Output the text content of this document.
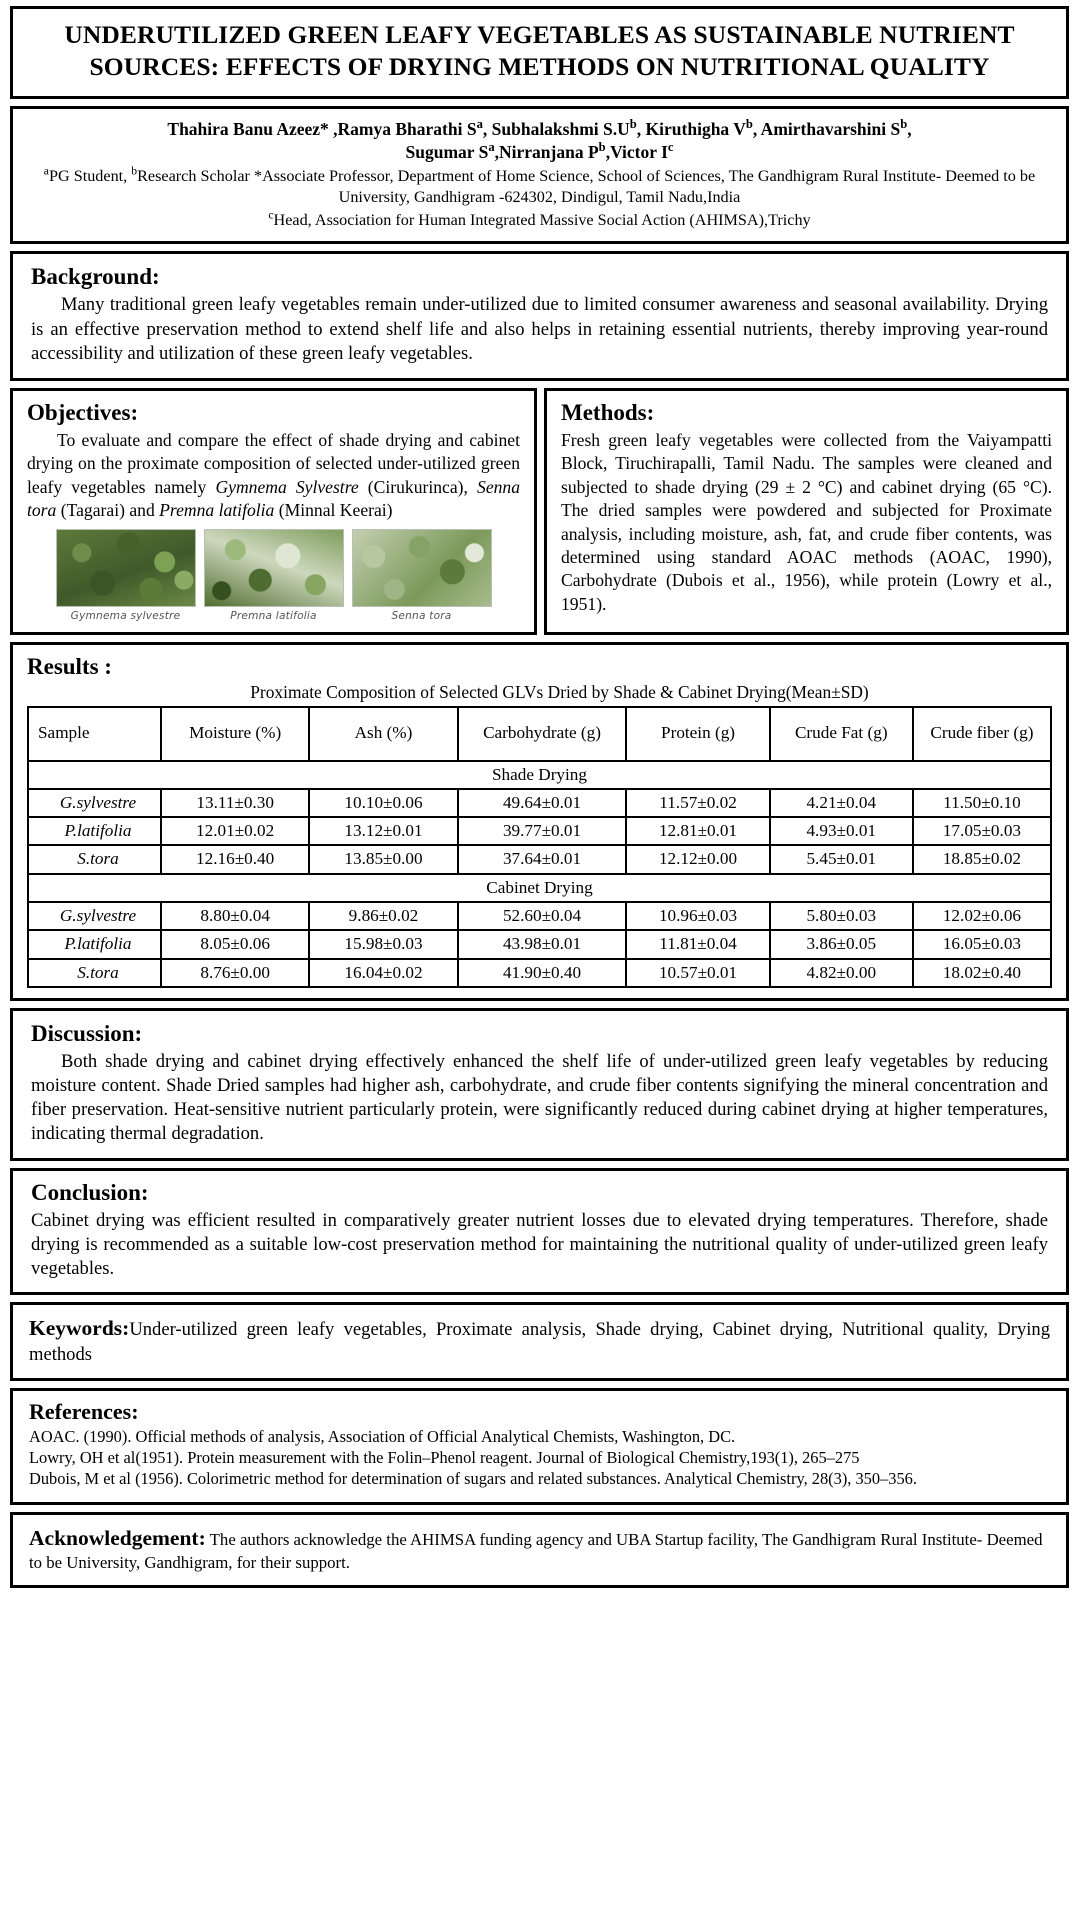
UNDERUTILIZED GREEN LEAFY VEGETABLES AS SUSTAINABLE NUTRIENT SOURCES: EFFECTS OF DRYING METHODS ON NUTRITIONAL QUALITY
Thahira Banu Azeez* ,Ramya Bharathi $S^a$, Subhalakshmi $S.U^b$, Kiruthigha $V^b$, Amirthavarshini $S^b$,
Sugumar $S^a,Nirranjana$ $P^b,Victor$ $I^c$
$^a$PG Student, $^b$Research Scholar *Associate Professor, Department of Home Science, School of Sciences, The Gandhigram Rural Institute- Deemed to be University, Gandhigram -624302, Dindigul, Tamil Nadu,India
$^c$Head, Association for Human Integrated Massive Social Action (AHIMSA),Trichy
Background:
Many traditional green leafy vegetables remain under-utilized due to limited consumer awareness and seasonal availability. Drying is an effective preservation method to extend shelf life and also helps in retaining essential nutrients, thereby improving year-round accessibility and utilization of these green leafy vegetables.
Objectives:
To evaluate and compare the effect of shade drying and cabinet drying on the proximate composition of selected under-utilized green leafy vegetables namely Gymnema Sylvestre (Cirukurinca), Senna tora (Tagarai) and Premna latifolia (Minnal Keerai)
Gymnema sylvestre	Premna latifolia	Senna tora
Methods:
Fresh green leafy vegetables were collected from the Vaiyampatti Block, Tiruchirapalli, Tamil Nadu. The samples were cleaned and subjected to shade drying (29 ± 2 °C) and cabinet drying (65 °C). The dried samples were powdered and subjected for Proximate analysis, including moisture, ash, fat, and crude fiber contents, was determined using standard AOAC methods (AOAC, 1990), Carbohydrate (Dubois et al., 1956), while protein (Lowry et al., 1951).
Results :
Proximate Composition of Selected GLVs Dried by Shade & Cabinet Drying(Mean±SD)
Sample	Moisture (%)	Ash (%)	Carbohydrate (g)	Protein (g)	Crude Fat (g)	Crude fiber (g)
Shade Drying						
G.sylvestre	13.11±0.30	10.10±0.06	49.64±0.01	11.57±0.02	4.21±0.04	11.50±0.10
P.latifolia	12.01±0.02	13.12±0.01	39.77±0.01	12.81±0.01	4.93±0.01	17.05±0.03
S.tora	12.16±0.40	13.85±0.00	37.64±0.01	12.12±0.00	5.45±0.01	18.85±0.02
Cabinet Drying						
G.sylvestre	8.80±0.04	9.86±0.02	52.60±0.04	10.96±0.03	5.80±0.03	12.02±0.06
P.latifolia	8.05±0.06	15.98±0.03	43.98±0.01	11.81±0.04	3.86±0.05	16.05±0.03
S.tora	8.76±0.00	16.04±0.02	41.90±0.40	10.57±0.01	4.82±0.00	18.02±0.40
Discussion:
Both shade drying and cabinet drying effectively enhanced the shelf life of under-utilized green leafy vegetables by reducing moisture content. Shade Dried samples had higher ash, carbohydrate, and crude fiber contents signifying the mineral concentration and fiber preservation. Heat-sensitive nutrient particularly protein, were significantly reduced during cabinet drying at higher temperatures, indicating thermal degradation.
Conclusion:
Cabinet drying was efficient resulted in comparatively greater nutrient losses due to elevated drying temperatures. Therefore, shade drying is recommended as a suitable low-cost preservation method for maintaining the nutritional quality of under-utilized green leafy vegetables.
Keywords:Under-utilized green leafy vegetables, Proximate analysis, Shade drying, Cabinet drying, Nutritional quality, Drying methods
References:
AOAC. (1990). Official methods of analysis, Association of Official Analytical Chemists, Washington, DC.
Lowry, OH et al(1951). Protein measurement with the Folin–Phenol reagent. Journal of Biological Chemistry,193(1), 265–275
Dubois, M et al (1956). Colorimetric method for determination of sugars and related substances. Analytical Chemistry, 28(3), 350–356.
Acknowledgement: The authors acknowledge the AHIMSA funding agency and UBA Startup facility, The Gandhigram Rural Institute- Deemed to be University, Gandhigram, for their support.
